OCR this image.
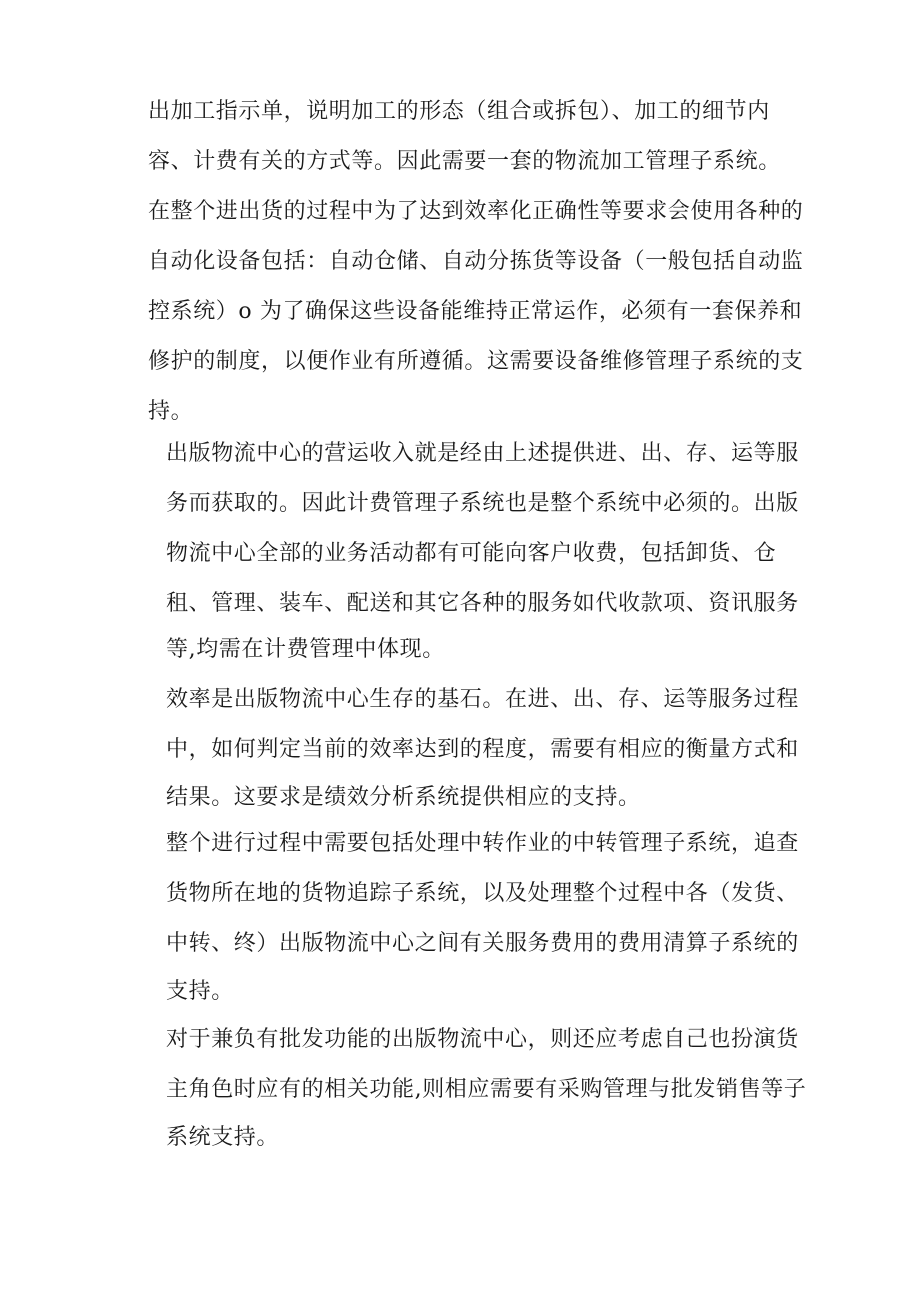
出加工指示单，说明加工的形态（组合或拆包）、加工的细节内

容、计费有关的方式等。因此需要一套的物流加工管理子系统。

在整个进出货的过程中为了达到效率化正确性等要求会使用各种的

自动化设备包括：自动仓储、自动分拣货等设备（一般包括自动监

控系统）o 为了确保这些设备能维持正常运作，必须有一套保养和

修护的制度，以便作业有所遵循。这需要设备维修管理子系统的支

持。

出版物流中心的营运收入就是经由上述提供进、出、存、运等服

务而获取的。因此计费管理子系统也是整个系统中必须的。出版

物流中心全部的业务活动都有可能向客户收费，包括卸货、仓

租、管理、装车、配送和其它各种的服务如代收款项、资讯服务

等,均需在计费管理中体现。

效率是出版物流中心生存的基石。在进、出、存、运等服务过程

中，如何判定当前的效率达到的程度，需要有相应的衡量方式和

结果。这要求是绩效分析系统提供相应的支持。

整个进行过程中需要包括处理中转作业的中转管理子系统，追查

货物所在地的货物追踪子系统，以及处理整个过程中各（发货、

中转、终）出版物流中心之间有关服务费用的费用清算子系统的

支持。

对于兼负有批发功能的出版物流中心，则还应考虑自己也扮演货

主角色时应有的相关功能,则相应需要有采购管理与批发销售等子

系统支持。
